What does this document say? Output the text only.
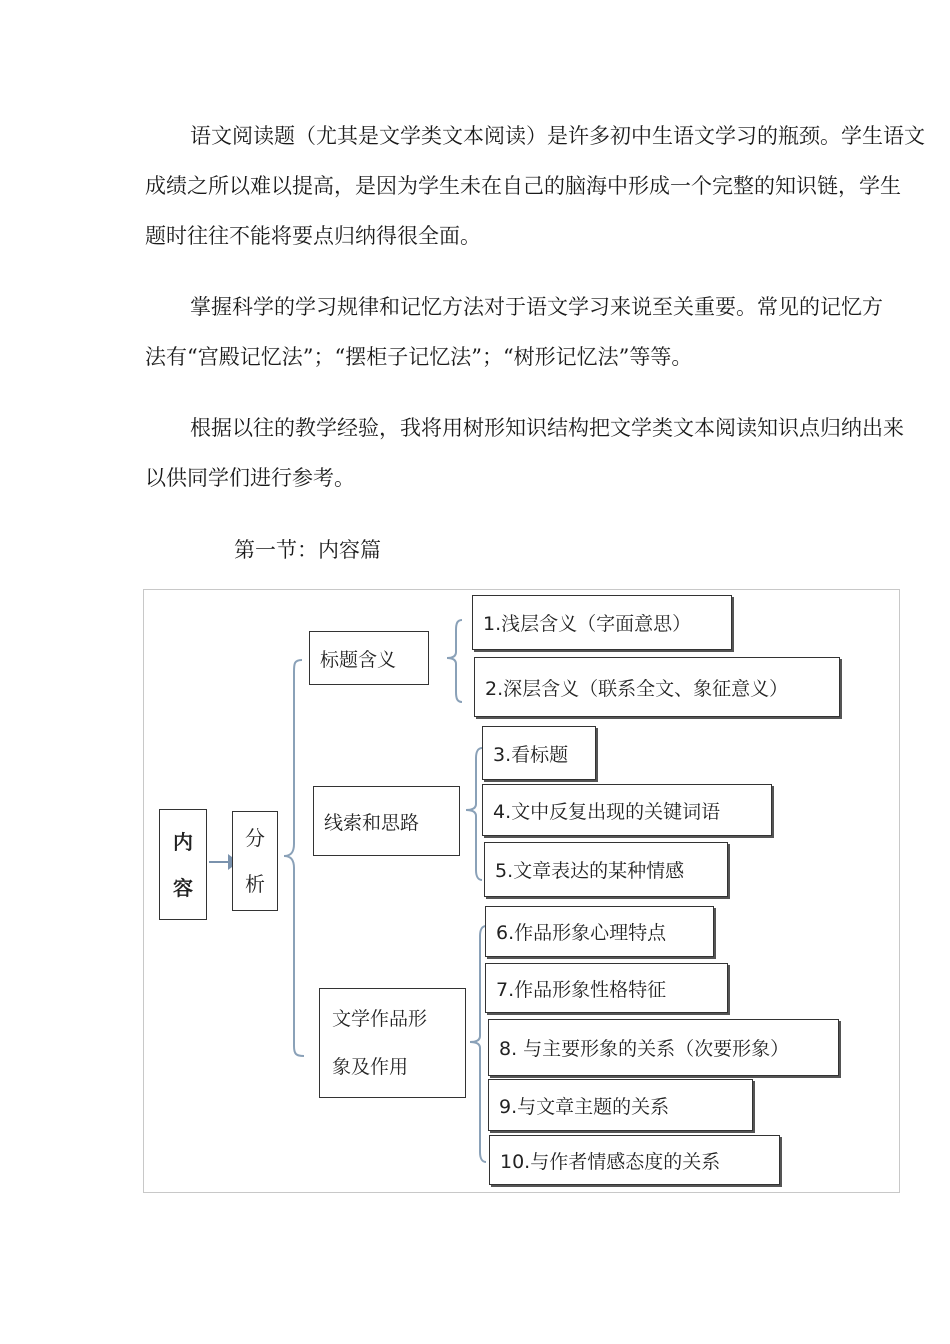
语文阅读题（尤其是文学类文本阅读）是许多初中生语文学习的瓶颈。学生语文
成绩之所以难以提高，是因为学生未在自己的脑海中形成一个完整的知识链，学生
题时往往不能将要点归纳得很全面。
掌握科学的学习规律和记忆方法对于语文学习来说至关重要。常见的记忆方
法有“宫殿记忆法”；“摆柜子记忆法”；“树形记忆法”等等。
根据以往的教学经验，我将用树形知识结构把文学类文本阅读知识点归纳出来
以供同学们进行参考。
第一节：内容篇
内
容
分
析
标题含义
线索和思路
文学作品形
象及作用
1.浅层含义（字面意思）
2.深层含义（联系全文、象征意义）
3.看标题
4.文中反复出现的关键词语
5.文章表达的某种情感
6.作品形象心理特点
7.作品形象性格特征
8. 与主要形象的关系（次要形象）
9.与文章主题的关系
10.与作者情感态度的关系
